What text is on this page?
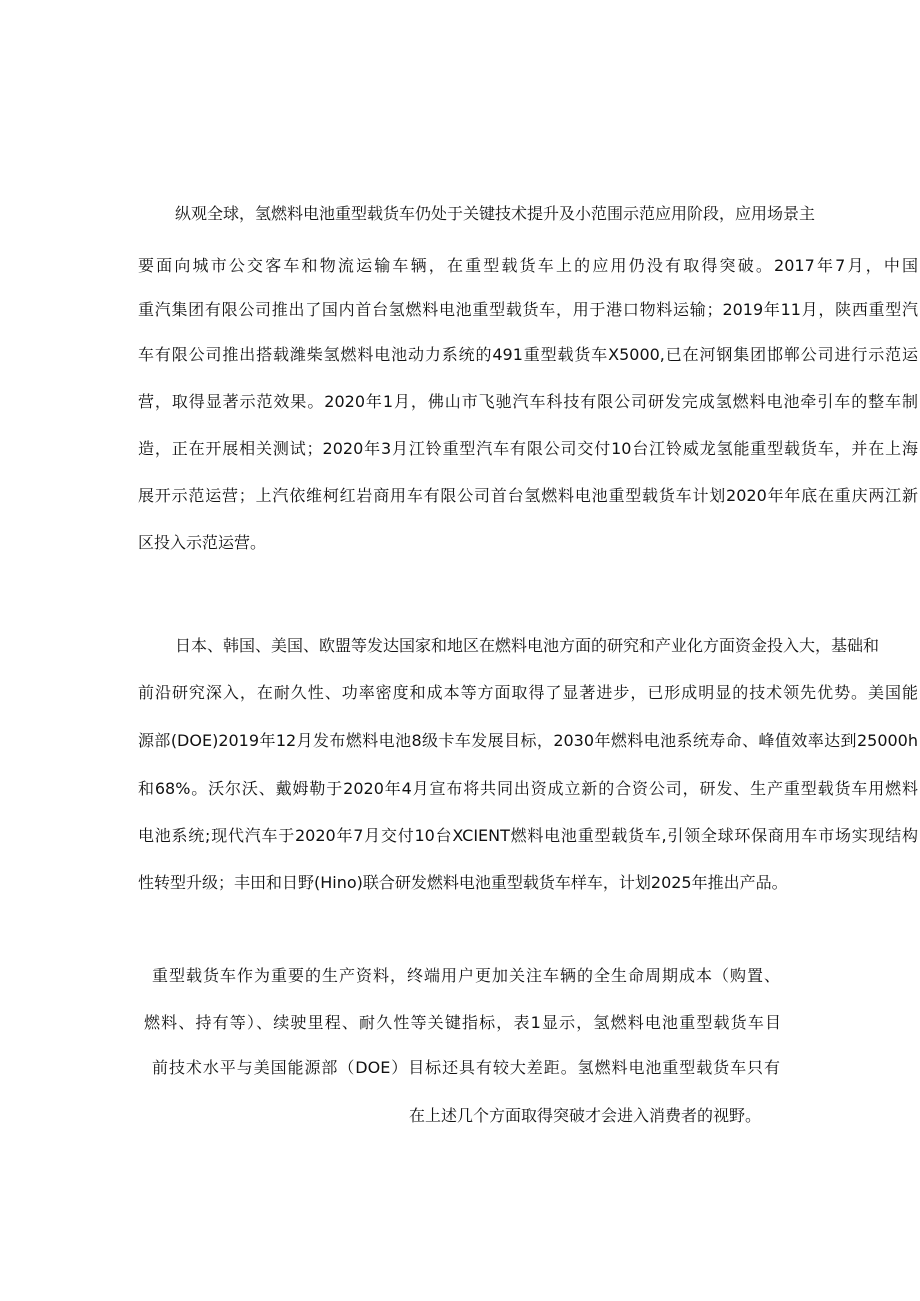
纵观全球，氢燃料电池重型载货车仍处于关键技术提升及小范围示范应用阶段，应用场景主
要面向城市公交客车和物流运输车辆，在重型载货车上的应用仍没有取得突破。2017年7月，中国
重汽集团有限公司推出了国内首台氢燃料电池重型载货车，用于港口物料运输；2019年11月，陕西重型汽
车有限公司推出搭载潍柴氢燃料电池动力系统的491重型载货车X5000,已在河钢集团邯郸公司进行示范运
营，取得显著示范效果。2020年1月，佛山市飞驰汽车科技有限公司研发完成氢燃料电池牵引车的整车制
造，正在开展相关测试；2020年3月江铃重型汽车有限公司交付10台江铃威龙氢能重型载货车，并在上海
展开示范运营；上汽依维柯红岩商用车有限公司首台氢燃料电池重型载货车计划2020年年底在重庆两江新
区投入示范运营。
日本、韩国、美国、欧盟等发达国家和地区在燃料电池方面的研究和产业化方面资金投入大，基础和
前沿研究深入，在耐久性、功率密度和成本等方面取得了显著进步，已形成明显的技术领先优势。美国能
源部(DOE)2019年12月发布燃料电池8级卡车发展目标，2030年燃料电池系统寿命、峰值效率达到25000h
和68%。沃尔沃、戴姆勒于2020年4月宣布将共同出资成立新的合资公司，研发、生产重型载货车用燃料
电池系统;现代汽车于2020年7月交付10台XCIENT燃料电池重型载货车,引领全球环保商用车市场实现结构
性转型升级；丰田和日野(Hino)联合研发燃料电池重型载货车样车，计划2025年推出产品。
重型载货车作为重要的生产资料，终端用户更加关注车辆的全生命周期成本（购置、
燃料、持有等）、续驶里程、耐久性等关键指标，表1显示，氢燃料电池重型载货车目
前技术水平与美国能源部（DOE）目标还具有较大差距。氢燃料电池重型载货车只有
在上述几个方面取得突破才会进入消费者的视野。
